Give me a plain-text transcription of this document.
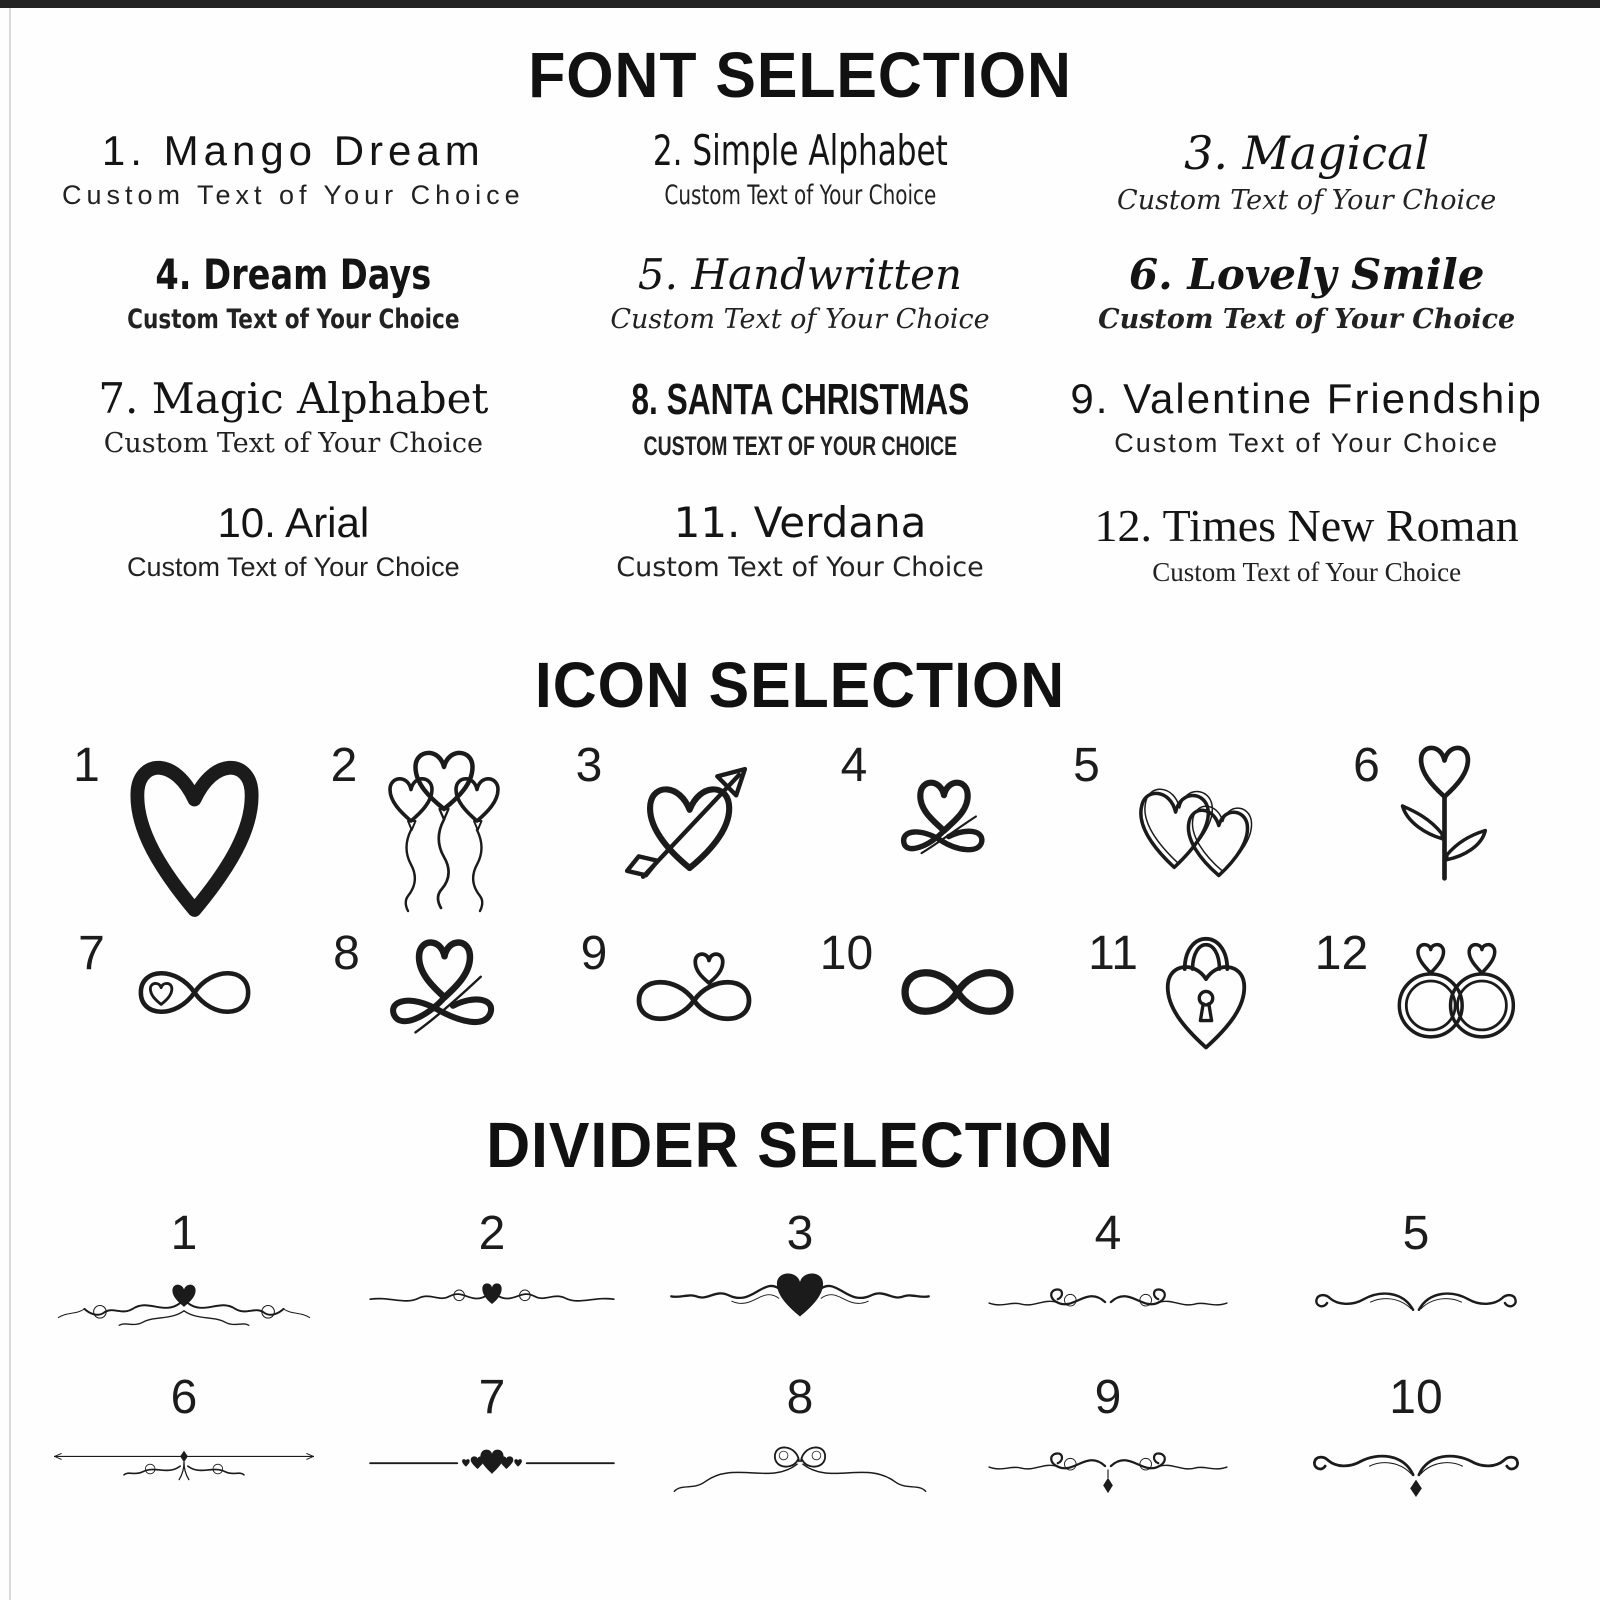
FONT SELECTION
1. Mango Dream
Custom Text of Your Choice
2. Simple Alphabet
Custom Text of Your Choice
3. Magical
Custom Text of Your Choice
4. Dream Days
Custom Text of Your Choice
5. Handwritten
Custom Text of Your Choice
6. Lovely Smile
Custom Text of Your Choice
7. Magic Alphabet
Custom Text of Your Choice
8. SANTA CHRISTMAS
CUSTOM TEXT OF YOUR CHOICE
9. Valentine Friendship
Custom Text of Your Choice
10. Arial
Custom Text of Your Choice
11. Verdana
Custom Text of Your Choice
12. Times New Roman
Custom Text of Your Choice
ICON SELECTION
1	2	3	4	5	6
7	8	9	10	11	12
DIVIDER SELECTION
1	2	3	4	5
6	7	8	9	10
